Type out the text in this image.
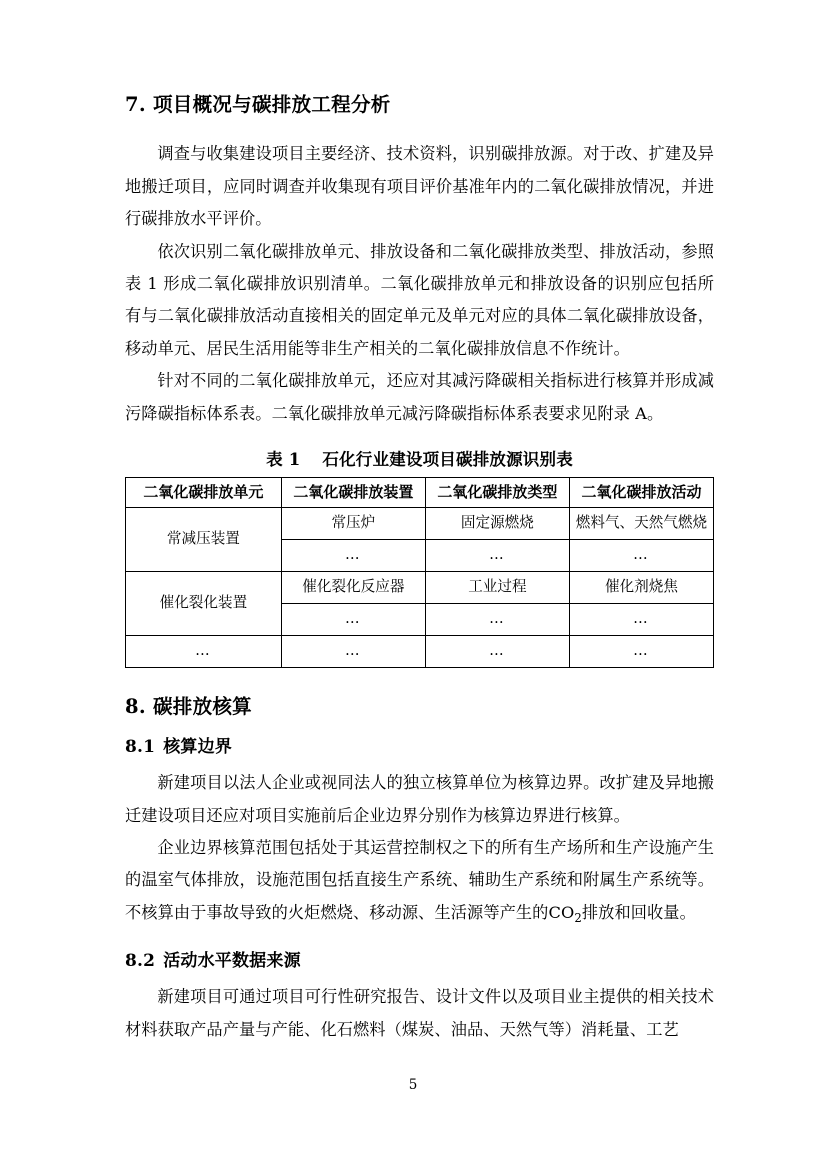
7. 项目概况与碳排放工程分析

调查与收集建设项目主要经济、技术资料，识别碳排放源。对于改、扩建及异地搬迁项目，应同时调查并收集现有项目评价基准年内的二氧化碳排放情况，并进行碳排放水平评价。

依次识别二氧化碳排放单元、排放设备和二氧化碳排放类型、排放活动，参照表 1 形成二氧化碳排放识别清单。二氧化碳排放单元和排放设备的识别应包括所有与二氧化碳排放活动直接相关的固定单元及单元对应的具体二氧化碳排放设备，移动单元、居民生活用能等非生产相关的二氧化碳排放信息不作统计。

针对不同的二氧化碳排放单元，还应对其减污降碳相关指标进行核算并形成减污降碳指标体系表。二氧化碳排放单元减污降碳指标体系表要求见附录 A。

表 1 石化行业建设项目碳排放源识别表
二氧化碳排放单元	二氧化碳排放装置	二氧化碳排放类型	二氧化碳排放活动
常减压装置	常压炉	固定源燃烧	燃料气、天然气燃烧
	…	…	…
催化裂化装置	催化裂化反应器	工业过程	催化剂烧焦
	…	…	…
…	…	…	…
8. 碳排放核算
8.1 核算边界

新建项目以法人企业或视同法人的独立核算单位为核算边界。改扩建及异地搬迁建设项目还应对项目实施前后企业边界分别作为核算边界进行核算。

企业边界核算范围包括处于其运营控制权之下的所有生产场所和生产设施产生的温室气体排放，设施范围包括直接生产系统、辅助生产系统和附属生产系统等。不核算由于事故导致的火炬燃烧、移动源、生活源等产生的$CO_2$排放和回收量。

8.2 活动水平数据来源

新建项目可通过项目可行性研究报告、设计文件以及项目业主提供的相关技术材料获取产品产量与产能、化石燃料（煤炭、油品、天然气等）消耗量、工艺

5
